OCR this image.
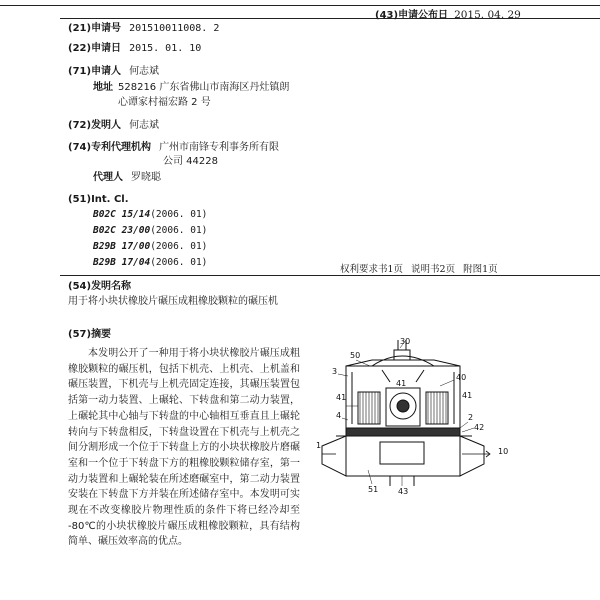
(43)申请公布日 2015. 04. 29
(21)申请号 201510011008. 2
(22)申请日 2015. 01. 10
(71)申请人 何志斌
地址 528216 广东省佛山市南海区丹灶镇朗
心谭家村福宏路 2 号
(72)发明人 何志斌
(74)专利代理机构 广州市南锋专利事务所有限
公司 44228
代理人 罗晓聪
(51)Int. Cl.
B02C 15/14(2006. 01)
B02C 23/00(2006. 01)
B29B 17/00(2006. 01)
B29B 17/04(2006. 01)
权利要求书1页 说明书2页 附图1页
(54)发明名称
用于将小块状橡胶片碾压成粗橡胶颗粒的碾压机
(57)摘要
本发明公开了一种用于将小块状橡胶片碾压成粗橡胶颗粒的碾压机，包括下机壳、上机壳、上机盖和碾压装置，下机壳与上机壳固定连接，其碾压装置包括第一动力装置、上碾轮、下转盘和第二动力装置，上碾轮其中心轴与下转盘的中心轴相互垂直且上碾轮转向与下转盘相反，下转盘设置在下机壳与上机壳之间分割形成一个位于下转盘上方的小块状橡胶片磨碾室和一个位于下转盘下方的粗橡胶颗粒储存室，第一动力装置和上碾轮装在所述磨碾室中，第二动力装置安装在下转盘下方并装在所述储存室中。本发明可实现在不改变橡胶片物理性质的条件下将已经冷却至 -80℃的小块状橡胶片碾压成粗橡胶颗粒，具有结构简单、碾压效率高的优点。
30
50
3
41
40
41
41
4	2
42
1
10
51 43
